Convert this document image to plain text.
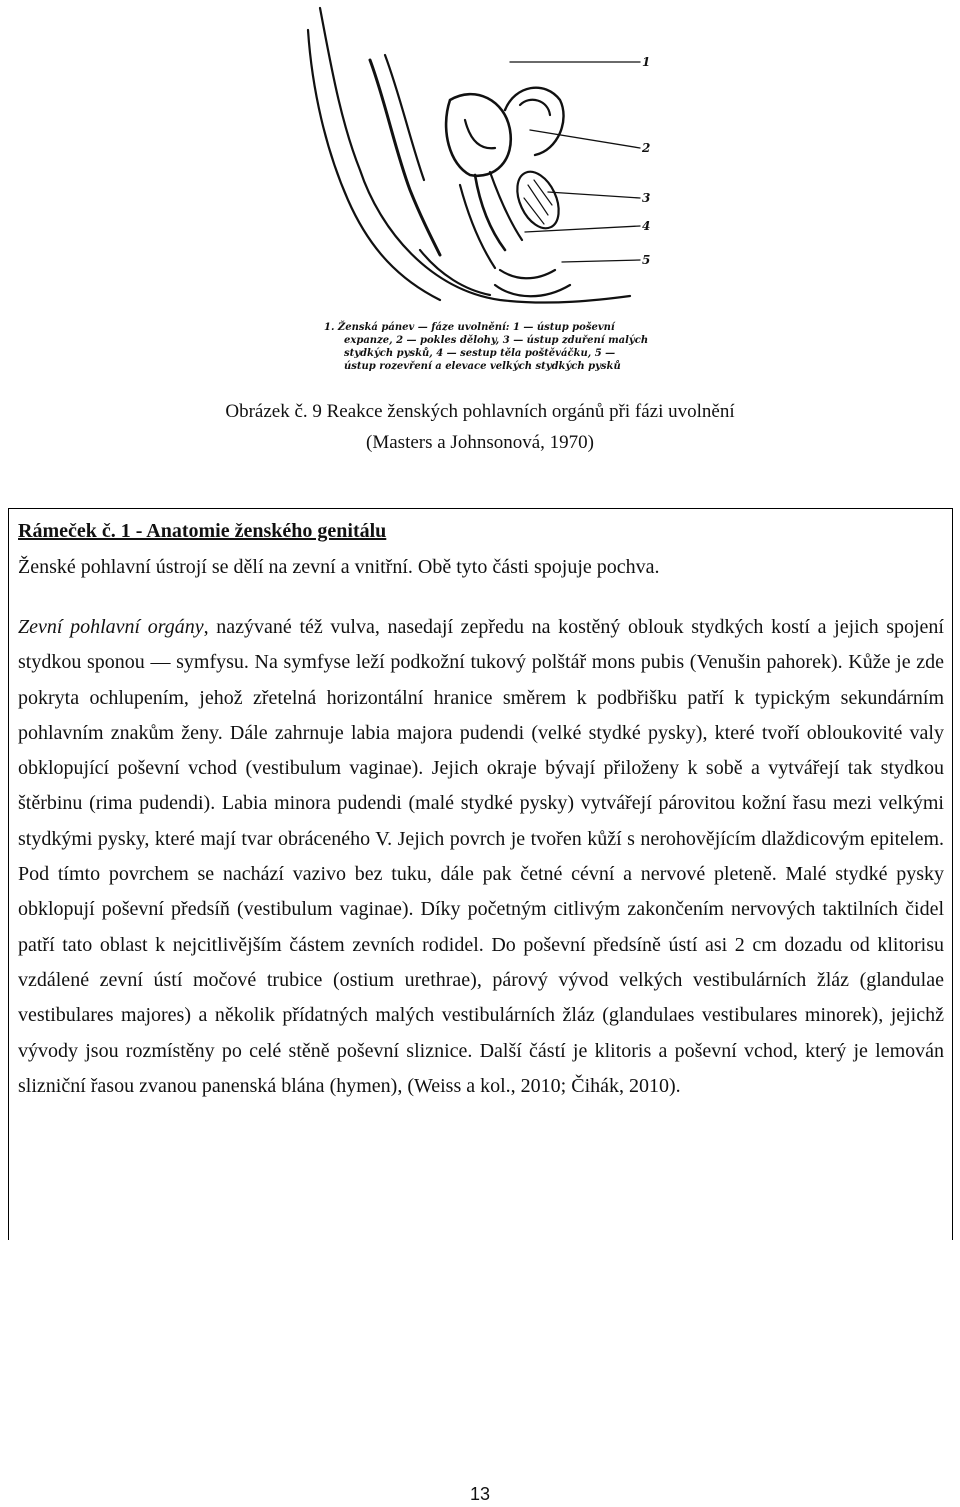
1
2
3
4
5
1. Ženská pánev — fáze uvolnění: 1 — ústup poševní
expanze, 2 — pokles dělohy, 3 — ústup zduření malých
stydkých pysků, 4 — sestup těla poštěváčku, 5 —
ústup rozevření a elevace velkých stydkých pysků
Obrázek č. 9 Reakce ženských pohlavních orgánů při fázi uvolnění
(Masters a Johnsonová, 1970)
Rámeček č. 1 - Anatomie ženského genitálu
Ženské pohlavní ústrojí se dělí na zevní a vnitřní. Obě tyto části spojuje pochva.
Zevní pohlavní orgány, nazývané též vulva, nasedají zepředu na kostěný oblouk stydkých kostí a jejich spojení stydkou sponou — symfysu. Na symfyse leží podkožní tukový polštář mons pubis (Venušin pahorek). Kůže je zde pokryta ochlupením, jehož zřetelná horizontální hranice směrem k podbřišku patří k typickým sekundárním pohlavním znakům ženy. Dále zahrnuje labia majora pudendi (velké stydké pysky), které tvoří obloukovité valy obklopující poševní vchod (vestibulum vaginae). Jejich okraje bývají přiloženy k sobě a vytvářejí tak stydkou štěrbinu (rima pudendi). Labia minora pudendi (malé stydké pysky) vytvářejí párovitou kožní řasu mezi velkými stydkými pysky, které mají tvar obráceného V. Jejich povrch je tvořen kůží s nerohovějícím dlaždicovým epitelem. Pod tímto povrchem se nachází vazivo bez tuku, dále pak četné cévní a nervové pleteně. Malé stydké pysky obklopují poševní předsíň (vestibulum vaginae). Díky početným citlivým zakončením nervových taktilních čidel patří tato oblast k nejcitlivějším částem zevních rodidel. Do poševní předsíně ústí asi 2 cm dozadu od klitorisu vzdálené zevní ústí močové trubice (ostium urethrae), párový vývod velkých vestibulárních žláz (glandulae vestibulares majores) a několik přídatných malých vestibulárních žláz (glandulaes vestibulares minorek), jejichž vývody jsou rozmístěny po celé stěně poševní sliznice. Další částí je klitoris a poševní vchod, který je lemován slizniční řasou zvanou panenská blána (hymen), (Weiss a kol., 2010; Čihák, 2010).
13
